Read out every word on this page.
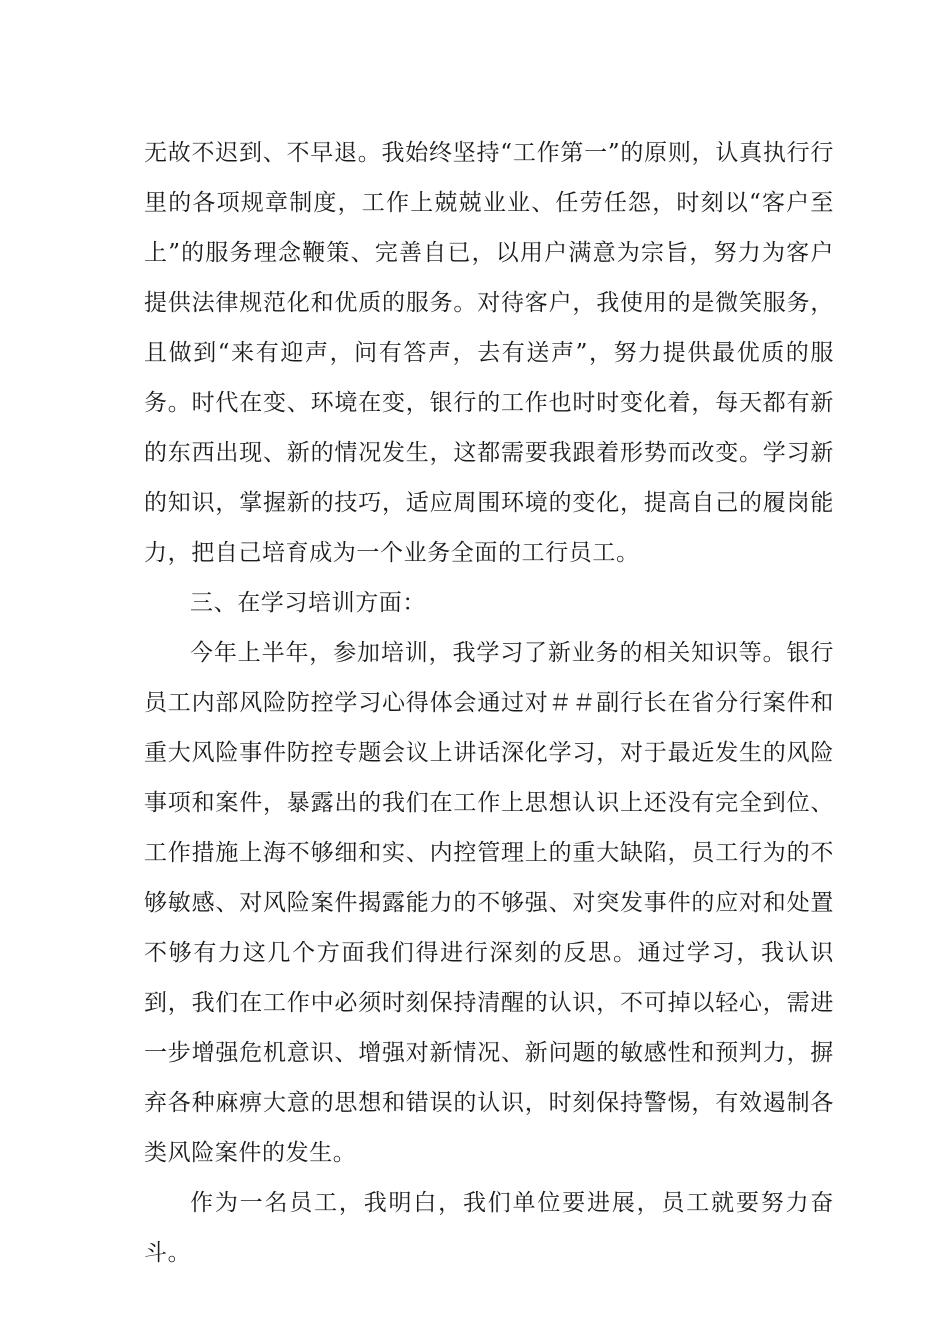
无故不迟到、不早退。我始终坚持“工作第一”的原则，认真执行行里的各项规章制度，工作上兢兢业业、任劳任怨，时刻以“客户至上”的服务理念鞭策、完善自已，以用户满意为宗旨，努力为客户提供法律规范化和优质的服务。对待客户，我使用的是微笑服务，且做到“来有迎声，问有答声，去有送声”，努力提供最优质的服务。时代在变、环境在变，银行的工作也时时变化着，每天都有新的东西出现、新的情况发生，这都需要我跟着形势而改变。学习新的知识，掌握新的技巧，适应周围环境的变化，提高自己的履岗能力，把自己培育成为一个业务全面的工行员工。

三、在学习培训方面：

今年上半年，参加培训，我学习了新业务的相关知识等。银行员工内部风险防控学习心得体会通过对＃＃副行长在省分行案件和重大风险事件防控专题会议上讲话深化学习，对于最近发生的风险事项和案件，暴露出的我们在工作上思想认识上还没有完全到位、工作措施上海不够细和实、内控管理上的重大缺陷，员工行为的不够敏感、对风险案件揭露能力的不够强、对突发事件的应对和处置不够有力这几个方面我们得进行深刻的反思。通过学习，我认识到，我们在工作中必须时刻保持清醒的认识，不可掉以轻心，需进一步增强危机意识、增强对新情况、新问题的敏感性和预判力，摒弃各种麻痹大意的思想和错误的认识，时刻保持警惕，有效遏制各类风险案件的发生。

作为一名员工，我明白，我们单位要进展，员工就要努力奋斗。
